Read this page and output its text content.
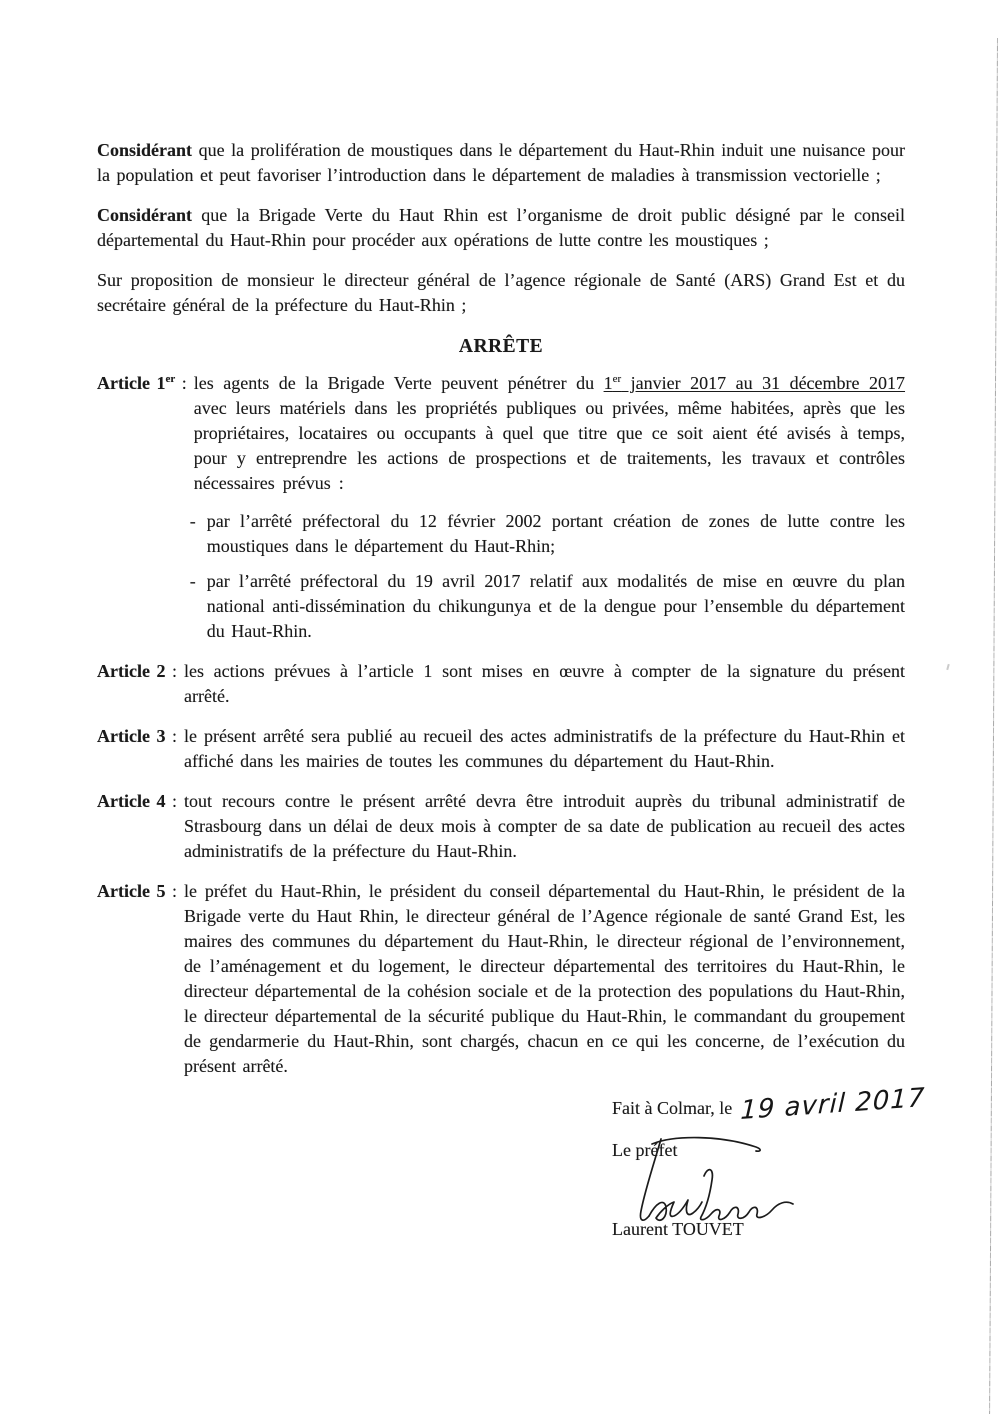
Considérant que la prolifération de moustiques dans le département du Haut-Rhin induit une nuisance pour la population et peut favoriser l’introduction dans le département de maladies à transmission vectorielle ;

Considérant que la Brigade Verte du Haut Rhin est l’organisme de droit public désigné par le conseil départemental du Haut-Rhin pour procéder aux opérations de lutte contre les moustiques ;

Sur proposition de monsieur le directeur général de l’agence régionale de Santé (ARS) Grand Est et du secrétaire général de la préfecture du Haut-Rhin ;

ARRÊTE
Article 1er : les agents de la Brigade Verte peuvent pénétrer du 1er janvier 2017 au 31 décembre 2017 avec leurs matériels dans les propriétés publiques ou privées, même habitées, après que les propriétaires, locataires ou occupants à quel que titre que ce soit aient été avisés à temps, pour y entreprendre les actions de prospections et de traitements, les travaux et contrôles nécessaires prévus :
- par l’arrêté préfectoral du 12 février 2002 portant création de zones de lutte contre les moustiques dans le département du Haut-Rhin;
- par l’arrêté préfectoral du 19 avril 2017 relatif aux modalités de mise en œuvre du plan national anti-dissémination du chikungunya et de la dengue pour l’ensemble du département du Haut-Rhin.
Article 2 : les actions prévues à l’article 1 sont mises en œuvre à compter de la signature du présent arrêté.
Article 3 : le présent arrêté sera publié au recueil des actes administratifs de la préfecture du Haut-Rhin et affiché dans les mairies de toutes les communes du département du Haut-Rhin.
Article 4 : tout recours contre le présent arrêté devra être introduit auprès du tribunal administratif de Strasbourg dans un délai de deux mois à compter de sa date de publication au recueil des actes administratifs de la préfecture du Haut-Rhin.
Article 5 : le préfet du Haut-Rhin, le président du conseil départemental du Haut-Rhin, le président de la Brigade verte du Haut Rhin, le directeur général de l’Agence régionale de santé Grand Est, les maires des communes du département du Haut-Rhin, le directeur régional de l’environnement, de l’aménagement et du logement, le directeur départemental des territoires du Haut-Rhin, le directeur départemental de la cohésion sociale et de la protection des populations du Haut-Rhin, le directeur départemental de la sécurité publique du Haut-Rhin, le commandant du groupement de gendarmerie du Haut-Rhin, sont chargés, chacun en ce qui les concerne, de l’exécution du présent arrêté.
Fait à Colmar, le 19 avril 2017
Le préfet
Laurent TOUVET
